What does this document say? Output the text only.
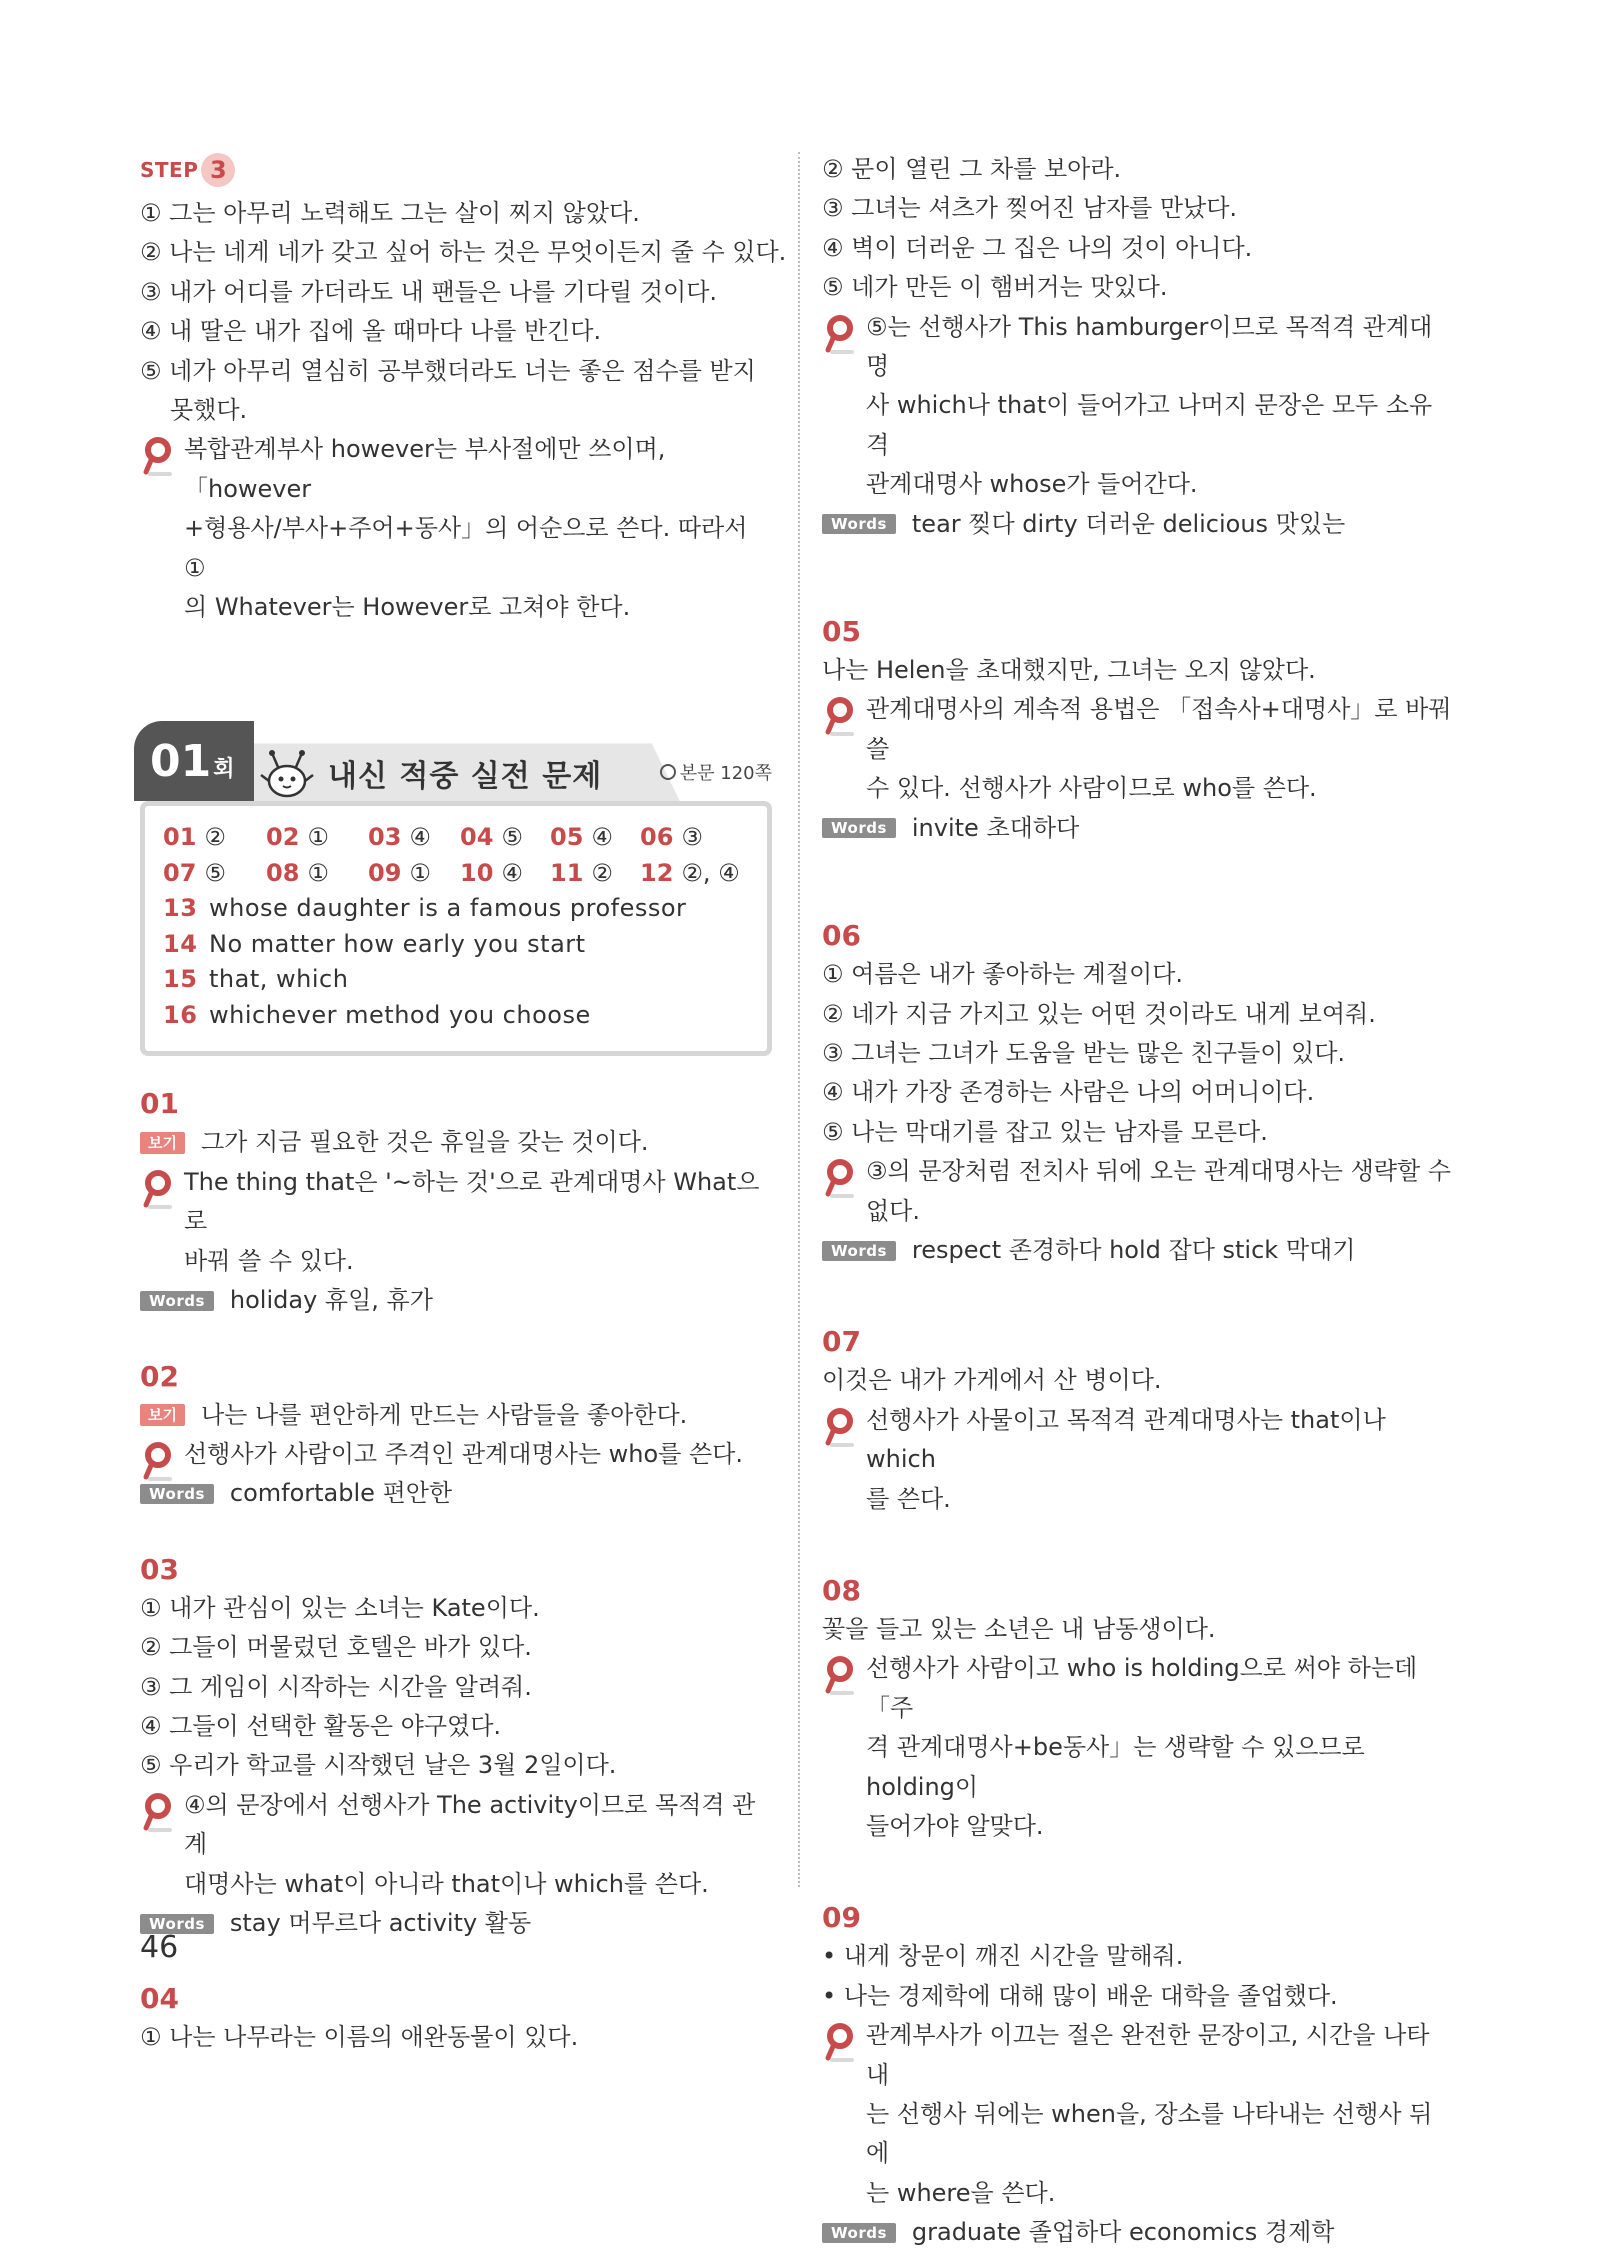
STEP 3
① 그는 아무리 노력해도 그는 살이 찌지 않았다.
② 나는 네게 네가 갖고 싶어 하는 것은 무엇이든지 줄 수 있다.
③ 내가 어디를 가더라도 내 팬들은 나를 기다릴 것이다.
④ 내 딸은 내가 집에 올 때마다 나를 반긴다.
⑤ 네가 아무리 열심히 공부했더라도 너는 좋은 점수를 받지
못했다.
복합관계부사 however는 부사절에만 쓰이며, 「however
+형용사/부사+주어+동사」의 어순으로 쓴다. 따라서 ①
의 Whatever는 However로 고쳐야 한다.
01회	내신 적중 실전 문제	본문 120쪽
01 ②	02 ①	03 ④	04 ⑤	05 ④	06 ③
07 ⑤	08 ①	09 ①	10 ④	11 ②	12 ②, ④
13 whose daughter is a famous professor
14 No matter how early you start
15 that, which
16 whichever method you choose
01
보기	그가 지금 필요한 것은 휴일을 갖는 것이다.
The thing that은 '~하는 것'으로 관계대명사 What으로
바꿔 쓸 수 있다.
Words	holiday 휴일, 휴가
02
보기	나는 나를 편안하게 만드는 사람들을 좋아한다.
선행사가 사람이고 주격인 관계대명사는 who를 쓴다.
Words	comfortable 편안한
03
① 내가 관심이 있는 소녀는 Kate이다.
② 그들이 머물렀던 호텔은 바가 있다.
③ 그 게임이 시작하는 시간을 알려줘.
④ 그들이 선택한 활동은 야구였다.
⑤ 우리가 학교를 시작했던 날은 3월 2일이다.
④의 문장에서 선행사가 The activity이므로 목적격 관계
대명사는 what이 아니라 that이나 which를 쓴다.
Words	stay 머무르다 activity 활동
04
① 나는 나무라는 이름의 애완동물이 있다.
② 문이 열린 그 차를 보아라.
③ 그녀는 셔츠가 찢어진 남자를 만났다.
④ 벽이 더러운 그 집은 나의 것이 아니다.
⑤ 네가 만든 이 햄버거는 맛있다.
⑤는 선행사가 This hamburger이므로 목적격 관계대명
사 which나 that이 들어가고 나머지 문장은 모두 소유격
관계대명사 whose가 들어간다.
Words	tear 찢다 dirty 더러운 delicious 맛있는
05
나는 Helen을 초대했지만, 그녀는 오지 않았다.
관계대명사의 계속적 용법은 「접속사+대명사」로 바꿔 쓸
수 있다. 선행사가 사람이므로 who를 쓴다.
Words	invite 초대하다
06
① 여름은 내가 좋아하는 계절이다.
② 네가 지금 가지고 있는 어떤 것이라도 내게 보여줘.
③ 그녀는 그녀가 도움을 받는 많은 친구들이 있다.
④ 내가 가장 존경하는 사람은 나의 어머니이다.
⑤ 나는 막대기를 잡고 있는 남자를 모른다.
③의 문장처럼 전치사 뒤에 오는 관계대명사는 생략할 수
없다.
Words	respect 존경하다 hold 잡다 stick 막대기
07
이것은 내가 가게에서 산 병이다.
선행사가 사물이고 목적격 관계대명사는 that이나 which
를 쓴다.
08
꽃을 들고 있는 소년은 내 남동생이다.
선행사가 사람이고 who is holding으로 써야 하는데 「주
격 관계대명사+be동사」는 생략할 수 있으므로 holding이
들어가야 알맞다.
09
• 내게 창문이 깨진 시간을 말해줘.
• 나는 경제학에 대해 많이 배운 대학을 졸업했다.
관계부사가 이끄는 절은 완전한 문장이고, 시간을 나타내
는 선행사 뒤에는 when을, 장소를 나타내는 선행사 뒤에
는 where을 쓴다.
Words	graduate 졸업하다 economics 경제학
46
